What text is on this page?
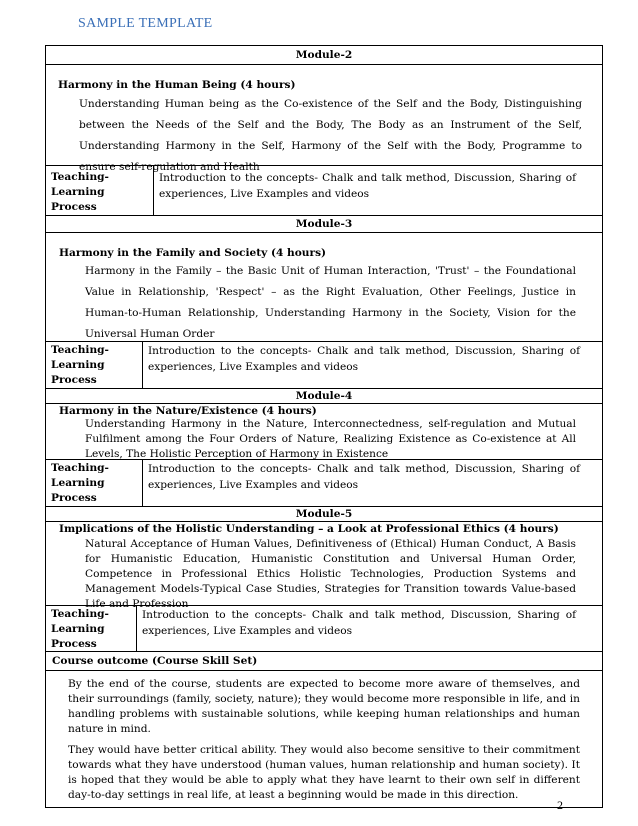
SAMPLE TEMPLATE
Module-2
Harmony in the Human Being (4 hours)
Understanding Human being as the Co-existence of the Self and the Body, Distinguishing between the Needs of the Self and the Body, The Body as an Instrument of the Self, Understanding Harmony in the Self, Harmony of the Self with the Body, Programme to ensure self-regulation and Health
Teaching-Learning Process
Introduction to the concepts- Chalk and talk method, Discussion, Sharing of experiences, Live Examples and videos
Module-3
Harmony in the Family and Society (4 hours)
Harmony in the Family – the Basic Unit of Human Interaction, 'Trust' – the Foundational Value in Relationship, 'Respect' – as the Right Evaluation, Other Feelings, Justice in Human-to-Human Relationship, Understanding Harmony in the Society, Vision for the Universal Human Order
Teaching-Learning Process
Introduction to the concepts- Chalk and talk method, Discussion, Sharing of experiences, Live Examples and videos
Module-4
Harmony in the Nature/Existence (4 hours)
Understanding Harmony in the Nature, Interconnectedness, self-regulation and Mutual Fulfilment among the Four Orders of Nature, Realizing Existence as Co-existence at All Levels, The Holistic Perception of Harmony in Existence
Teaching-Learning Process
Introduction to the concepts- Chalk and talk method, Discussion, Sharing of experiences, Live Examples and videos
Module-5
Implications of the Holistic Understanding – a Look at Professional Ethics (4 hours)
Natural Acceptance of Human Values, Definitiveness of (Ethical) Human Conduct, A Basis for Humanistic Education, Humanistic Constitution and Universal Human Order, Competence in Professional Ethics Holistic Technologies, Production Systems and Management Models-Typical Case Studies, Strategies for Transition towards Value-based Life and Profession
Teaching-Learning Process
Introduction to the concepts- Chalk and talk method, Discussion, Sharing of experiences, Live Examples and videos
Course outcome (Course Skill Set)

By the end of the course, students are expected to become more aware of themselves, and their surroundings (family, society, nature); they would become more responsible in life, and in handling problems with sustainable solutions, while keeping human relationships and human nature in mind.

They would have better critical ability. They would also become sensitive to their commitment towards what they have understood (human values, human relationship and human society). It is hoped that they would be able to apply what they have learnt to their own self in different day-to-day settings in real life, at least a beginning would be made in this direction.

2
